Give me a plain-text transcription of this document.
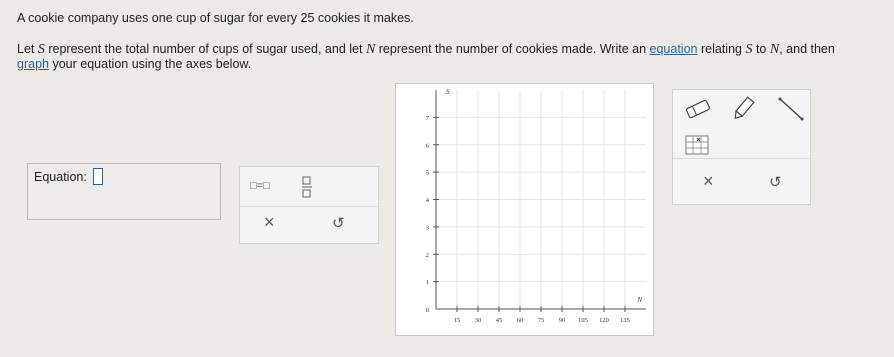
A cookie company uses one cup of sugar for every 25 cookies it makes.
Let S represent the total number of cups of sugar used, and let N represent the number of cookies made. Write an equation relating S to N, and then graph your equation using the axes below.
Equation:
□=□
×	↺
15 30 45 60 75 90 105 120 135
1
2
3
4
5
6
7
0
S
N
×	↺
